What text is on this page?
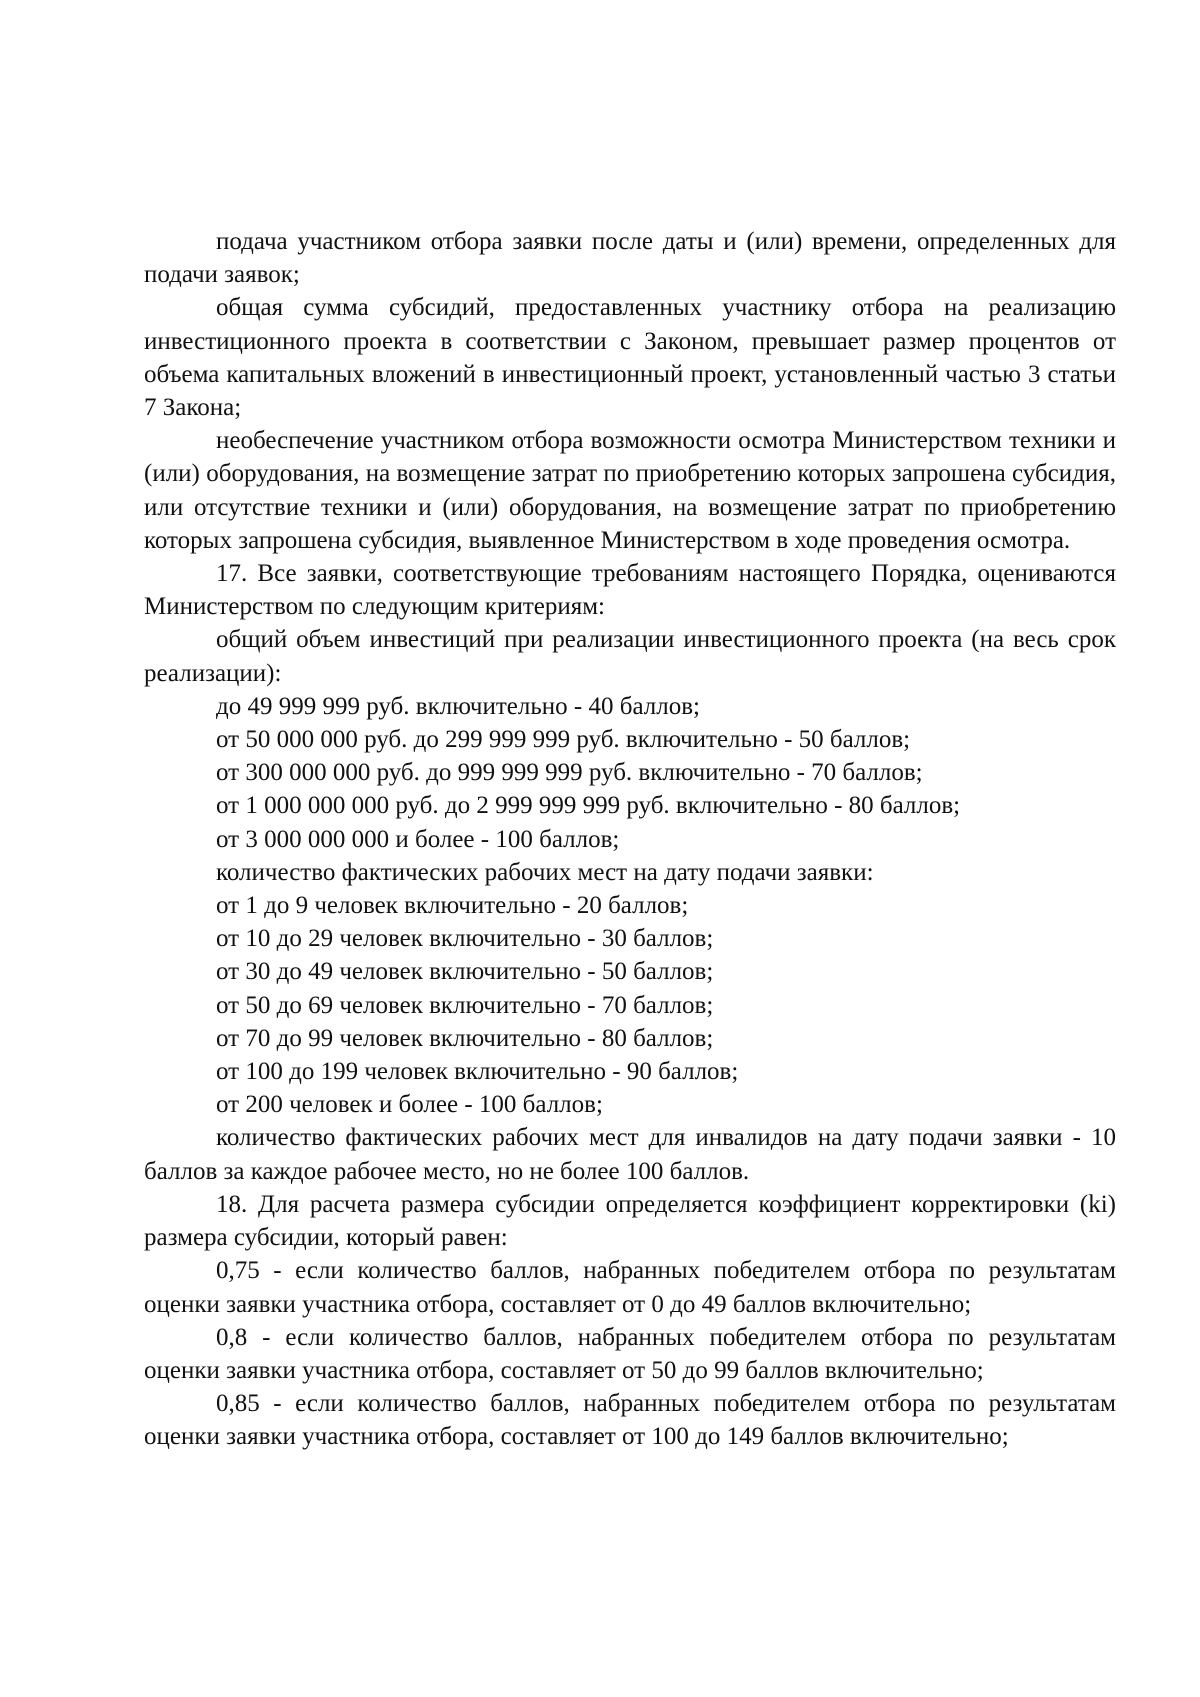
подача участником отбора заявки после даты и (или) времени, определенных для подачи заявок;

общая сумма субсидий, предоставленных участнику отбора на реализацию инвестиционного проекта в соответствии с Законом, превышает размер процентов от объема капитальных вложений в инвестиционный проект, установленный частью 3 статьи 7 Закона;

необеспечение участником отбора возможности осмотра Министерством техники и (или) оборудования, на возмещение затрат по приобретению которых запрошена субсидия, или отсутствие техники и (или) оборудования, на возмещение затрат по приобретению которых запрошена субсидия, выявленное Министерством в ходе проведения осмотра.

17. Все заявки, соответствующие требованиям настоящего Порядка, оцениваются Министерством по следующим критериям:

общий объем инвестиций при реализации инвестиционного проекта (на весь срок реализации):

до 49 999 999 руб. включительно - 40 баллов;

от 50 000 000 руб. до 299 999 999 руб. включительно - 50 баллов;

от 300 000 000 руб. до 999 999 999 руб. включительно - 70 баллов;

от 1 000 000 000 руб. до 2 999 999 999 руб. включительно - 80 баллов;

от 3 000 000 000 и более - 100 баллов;

количество фактических рабочих мест на дату подачи заявки:

от 1 до 9 человек включительно - 20 баллов;

от 10 до 29 человек включительно - 30 баллов;

от 30 до 49 человек включительно - 50 баллов;

от 50 до 69 человек включительно - 70 баллов;

от 70 до 99 человек включительно - 80 баллов;

от 100 до 199 человек включительно - 90 баллов;

от 200 человек и более - 100 баллов;

количество фактических рабочих мест для инвалидов на дату подачи заявки - 10 баллов за каждое рабочее место, но не более 100 баллов.

18. Для расчета размера субсидии определяется коэффициент корректировки (ki) размера субсидии, который равен:

0,75 - если количество баллов, набранных победителем отбора по результатам оценки заявки участника отбора, составляет от 0 до 49 баллов включительно;

0,8 - если количество баллов, набранных победителем отбора по результатам оценки заявки участника отбора, составляет от 50 до 99 баллов включительно;

0,85 - если количество баллов, набранных победителем отбора по результатам оценки заявки участника отбора, составляет от 100 до 149 баллов включительно;
